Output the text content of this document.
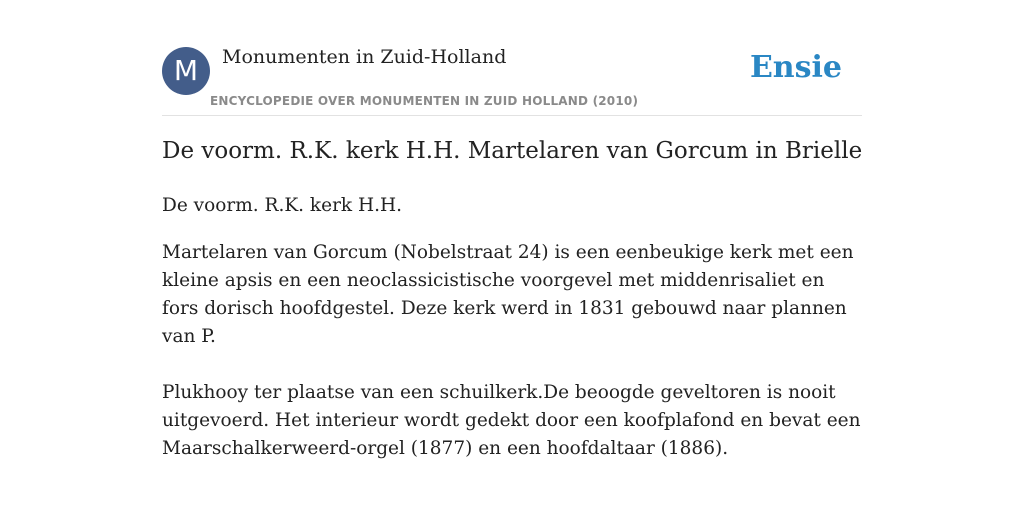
M	Monumenten in Zuid-Holland
ENCYCLOPEDIE OVER MONUMENTEN IN ZUID HOLLAND (2010)
Ensie
De voorm. R.K. kerk H.H. Martelaren van Gorcum in Brielle

De voorm. R.K. kerk H.H.

Martelaren van Gorcum (Nobelstraat 24) is een eenbeukige kerk met een kleine apsis en een neoclassicistische voorgevel met middenrisaliet en fors dorisch hoofdgestel. Deze kerk werd in 1831 gebouwd naar plannen van P.

Plukhooy ter plaatse van een schuilkerk.De beoogde geveltoren is nooit uitgevoerd. Het interieur wordt gedekt door een koofplafond en bevat een Maarschalkerweerd-orgel (1877) en een hoofdaltaar (1886).
